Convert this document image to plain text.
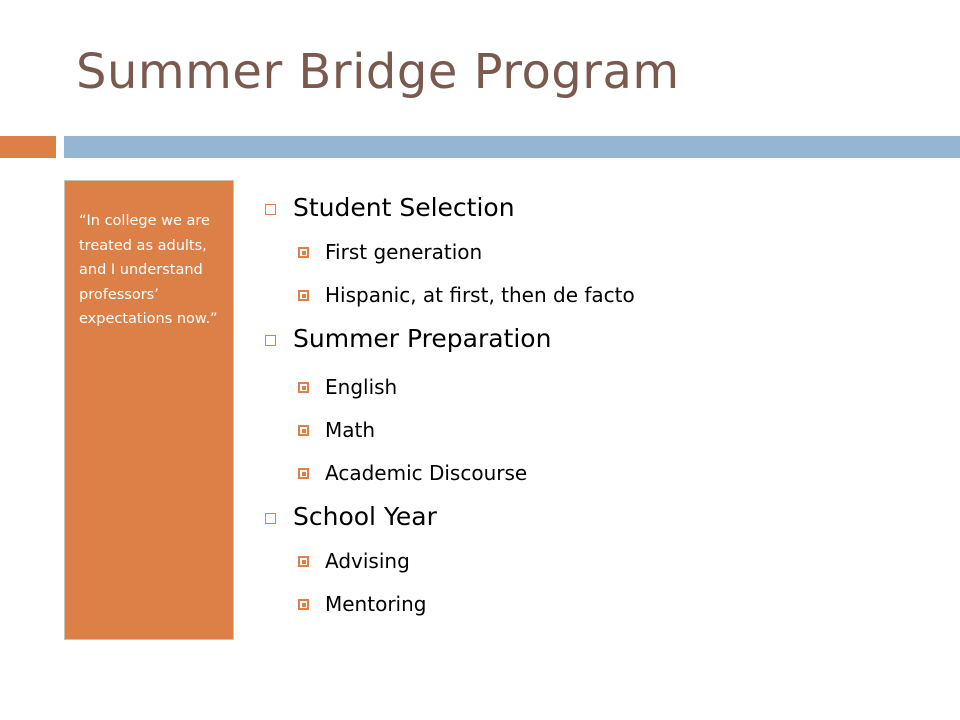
Summer Bridge Program
“In college we are treated as adults, and I understand professors’ expectations now.”
Student Selection
First generation
Hispanic, at first, then de facto
Summer Preparation
English
Math
Academic Discourse
School Year
Advising
Mentoring
